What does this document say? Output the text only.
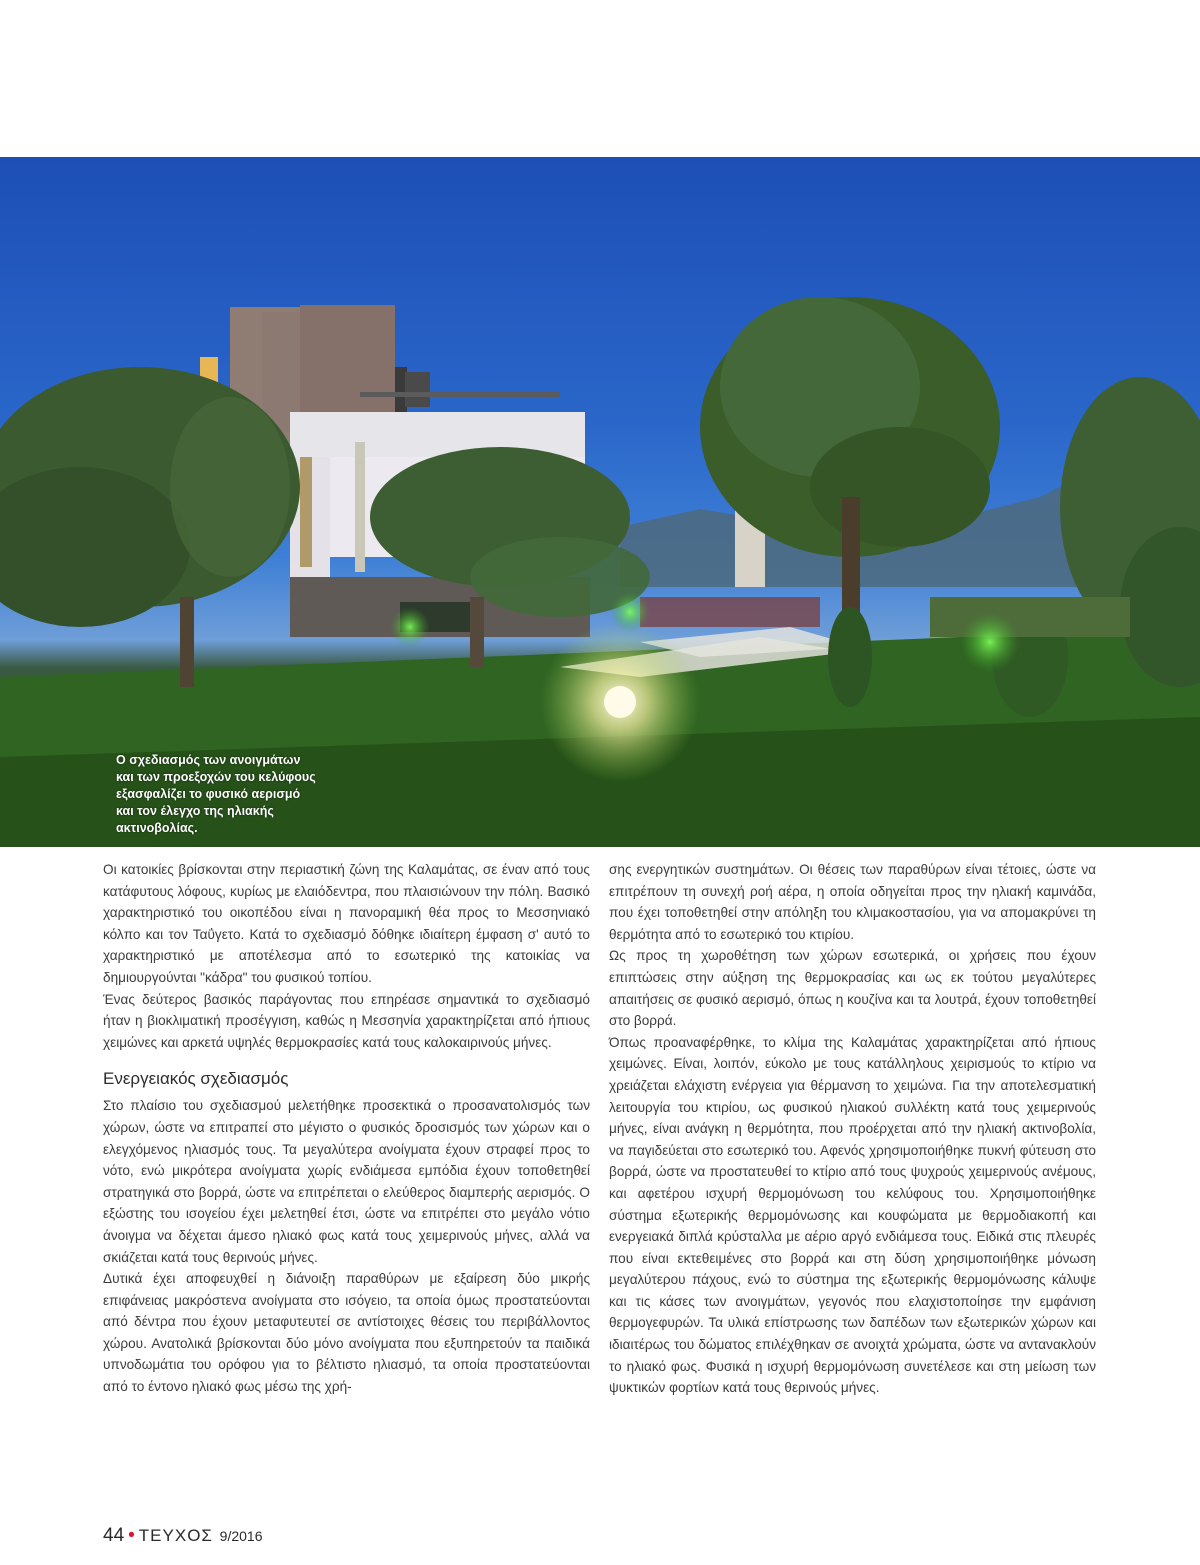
Ο σχεδιασμός των ανοιγμάτων και των προεξοχών του κελύφους εξασφαλίζει το φυσικό αερισμό και τον έλεγχο της ηλιακής ακτινοβολίας.

Οι κατοικίες βρίσκονται στην περιαστική ζώνη της Καλαμάτας, σε έναν από τους κατάφυτους λόφους, κυρίως με ελαιόδεντρα, που πλαισιώνουν την πόλη. Βασικό χαρακτηριστικό του οικοπέδου είναι η πανοραμική θέα προς το Μεσσηνιακό κόλπο και τον Ταΰγετο. Κατά το σχεδιασμό δόθηκε ιδιαίτερη έμφαση σ' αυτό το χαρακτηριστικό με αποτέλεσμα από το εσωτερικό της κατοικίας να δημιουργούνται "κάδρα" του φυσικού τοπίου.

Ένας δεύτερος βασικός παράγοντας που επηρέασε σημαντικά το σχεδιασμό ήταν η βιοκλιματική προσέγγιση, καθώς η Μεσσηνία χαρακτηρίζεται από ήπιους χειμώνες και αρκετά υψηλές θερμοκρασίες κατά τους καλοκαιρινούς μήνες.

Ενεργειακός σχεδιασμός

Στο πλαίσιο του σχεδιασμού μελετήθηκε προσεκτικά ο προσανατολισμός των χώρων, ώστε να επιτραπεί στο μέγιστο ο φυσικός δροσισμός των χώρων και ο ελεγχόμενος ηλιασμός τους. Τα μεγαλύτερα ανοίγματα έχουν στραφεί προς το νότο, ενώ μικρότερα ανοίγματα χωρίς ενδιάμεσα εμπόδια έχουν τοποθετηθεί στρατηγικά στο βορρά, ώστε να επιτρέπεται ο ελεύθερος διαμπερής αερισμός. Ο εξώστης του ισογείου έχει μελετηθεί έτσι, ώστε να επιτρέπει στο μεγάλο νότιο άνοιγμα να δέχεται άμεσο ηλιακό φως κατά τους χειμερινούς μήνες, αλλά να σκιάζεται κατά τους θερινούς μήνες.

Δυτικά έχει αποφευχθεί η διάνοιξη παραθύρων με εξαίρεση δύο μικρής επιφάνειας μακρόστενα ανοίγματα στο ισόγειο, τα οποία όμως προστατεύονται από δέντρα που έχουν μεταφυτευτεί σε αντίστοιχες θέσεις του περιβάλλοντος χώρου. Ανατολικά βρίσκονται δύο μόνο ανοίγματα που εξυπηρετούν τα παιδικά υπνοδωμάτια του ορόφου για το βέλτιστο ηλιασμό, τα οποία προστατεύονται από το έντονο ηλιακό φως μέσω της χρή-

σης ενεργητικών συστημάτων. Οι θέσεις των παραθύρων είναι τέτοιες, ώστε να επιτρέπουν τη συνεχή ροή αέρα, η οποία οδηγείται προς την ηλιακή καμινάδα, που έχει τοποθετηθεί στην απόληξη του κλιμακοστασίου, για να απομακρύνει τη θερμότητα από το εσωτερικό του κτιρίου.

Ως προς τη χωροθέτηση των χώρων εσωτερικά, οι χρήσεις που έχουν επιπτώσεις στην αύξηση της θερμοκρασίας και ως εκ τούτου μεγαλύτερες απαιτήσεις σε φυσικό αερισμό, όπως η κουζίνα και τα λουτρά, έχουν τοποθετηθεί στο βορρά.

Όπως προαναφέρθηκε, το κλίμα της Καλαμάτας χαρακτηρίζεται από ήπιους χειμώνες. Είναι, λοιπόν, εύκολο με τους κατάλληλους χειρισμούς το κτίριο να χρειάζεται ελάχιστη ενέργεια για θέρμανση το χειμώνα. Για την αποτελεσματική λειτουργία του κτιρίου, ως φυσικού ηλιακού συλλέκτη κατά τους χειμερινούς μήνες, είναι ανάγκη η θερμότητα, που προέρχεται από την ηλιακή ακτινοβολία, να παγιδεύεται στο εσωτερικό του. Αφενός χρησιμοποιήθηκε πυκνή φύτευση στο βορρά, ώστε να προστατευθεί το κτίριο από τους ψυχρούς χειμερινούς ανέμους, και αφετέρου ισχυρή θερμομόνωση του κελύφους του. Χρησιμοποιήθηκε σύστημα εξωτερικής θερμομόνωσης και κουφώματα με θερμοδιακοπή και ενεργειακά διπλά κρύσταλλα με αέριο αργό ενδιάμεσα τους. Ειδικά στις πλευρές που είναι εκτεθειμένες στο βορρά και στη δύση χρησιμοποιήθηκε μόνωση μεγαλύτερου πάχους, ενώ το σύστημα της εξωτερικής θερμομόνωσης κάλυψε και τις κάσες των ανοιγμάτων, γεγονός που ελαχιστοποίησε την εμφάνιση θερμογεφυρών. Τα υλικά επίστρωσης των δαπέδων των εξωτερικών χώρων και ιδιαιτέρως του δώματος επιλέχθηκαν σε ανοιχτά χρώματα, ώστε να αντανακλούν το ηλιακό φως. Φυσικά η ισχυρή θερμομόνωση συνετέλεσε και στη μείωση των ψυκτικών φορτίων κατά τους θερινούς μήνες.

44 • ΤΕΥΧΟΣ 9/2016
